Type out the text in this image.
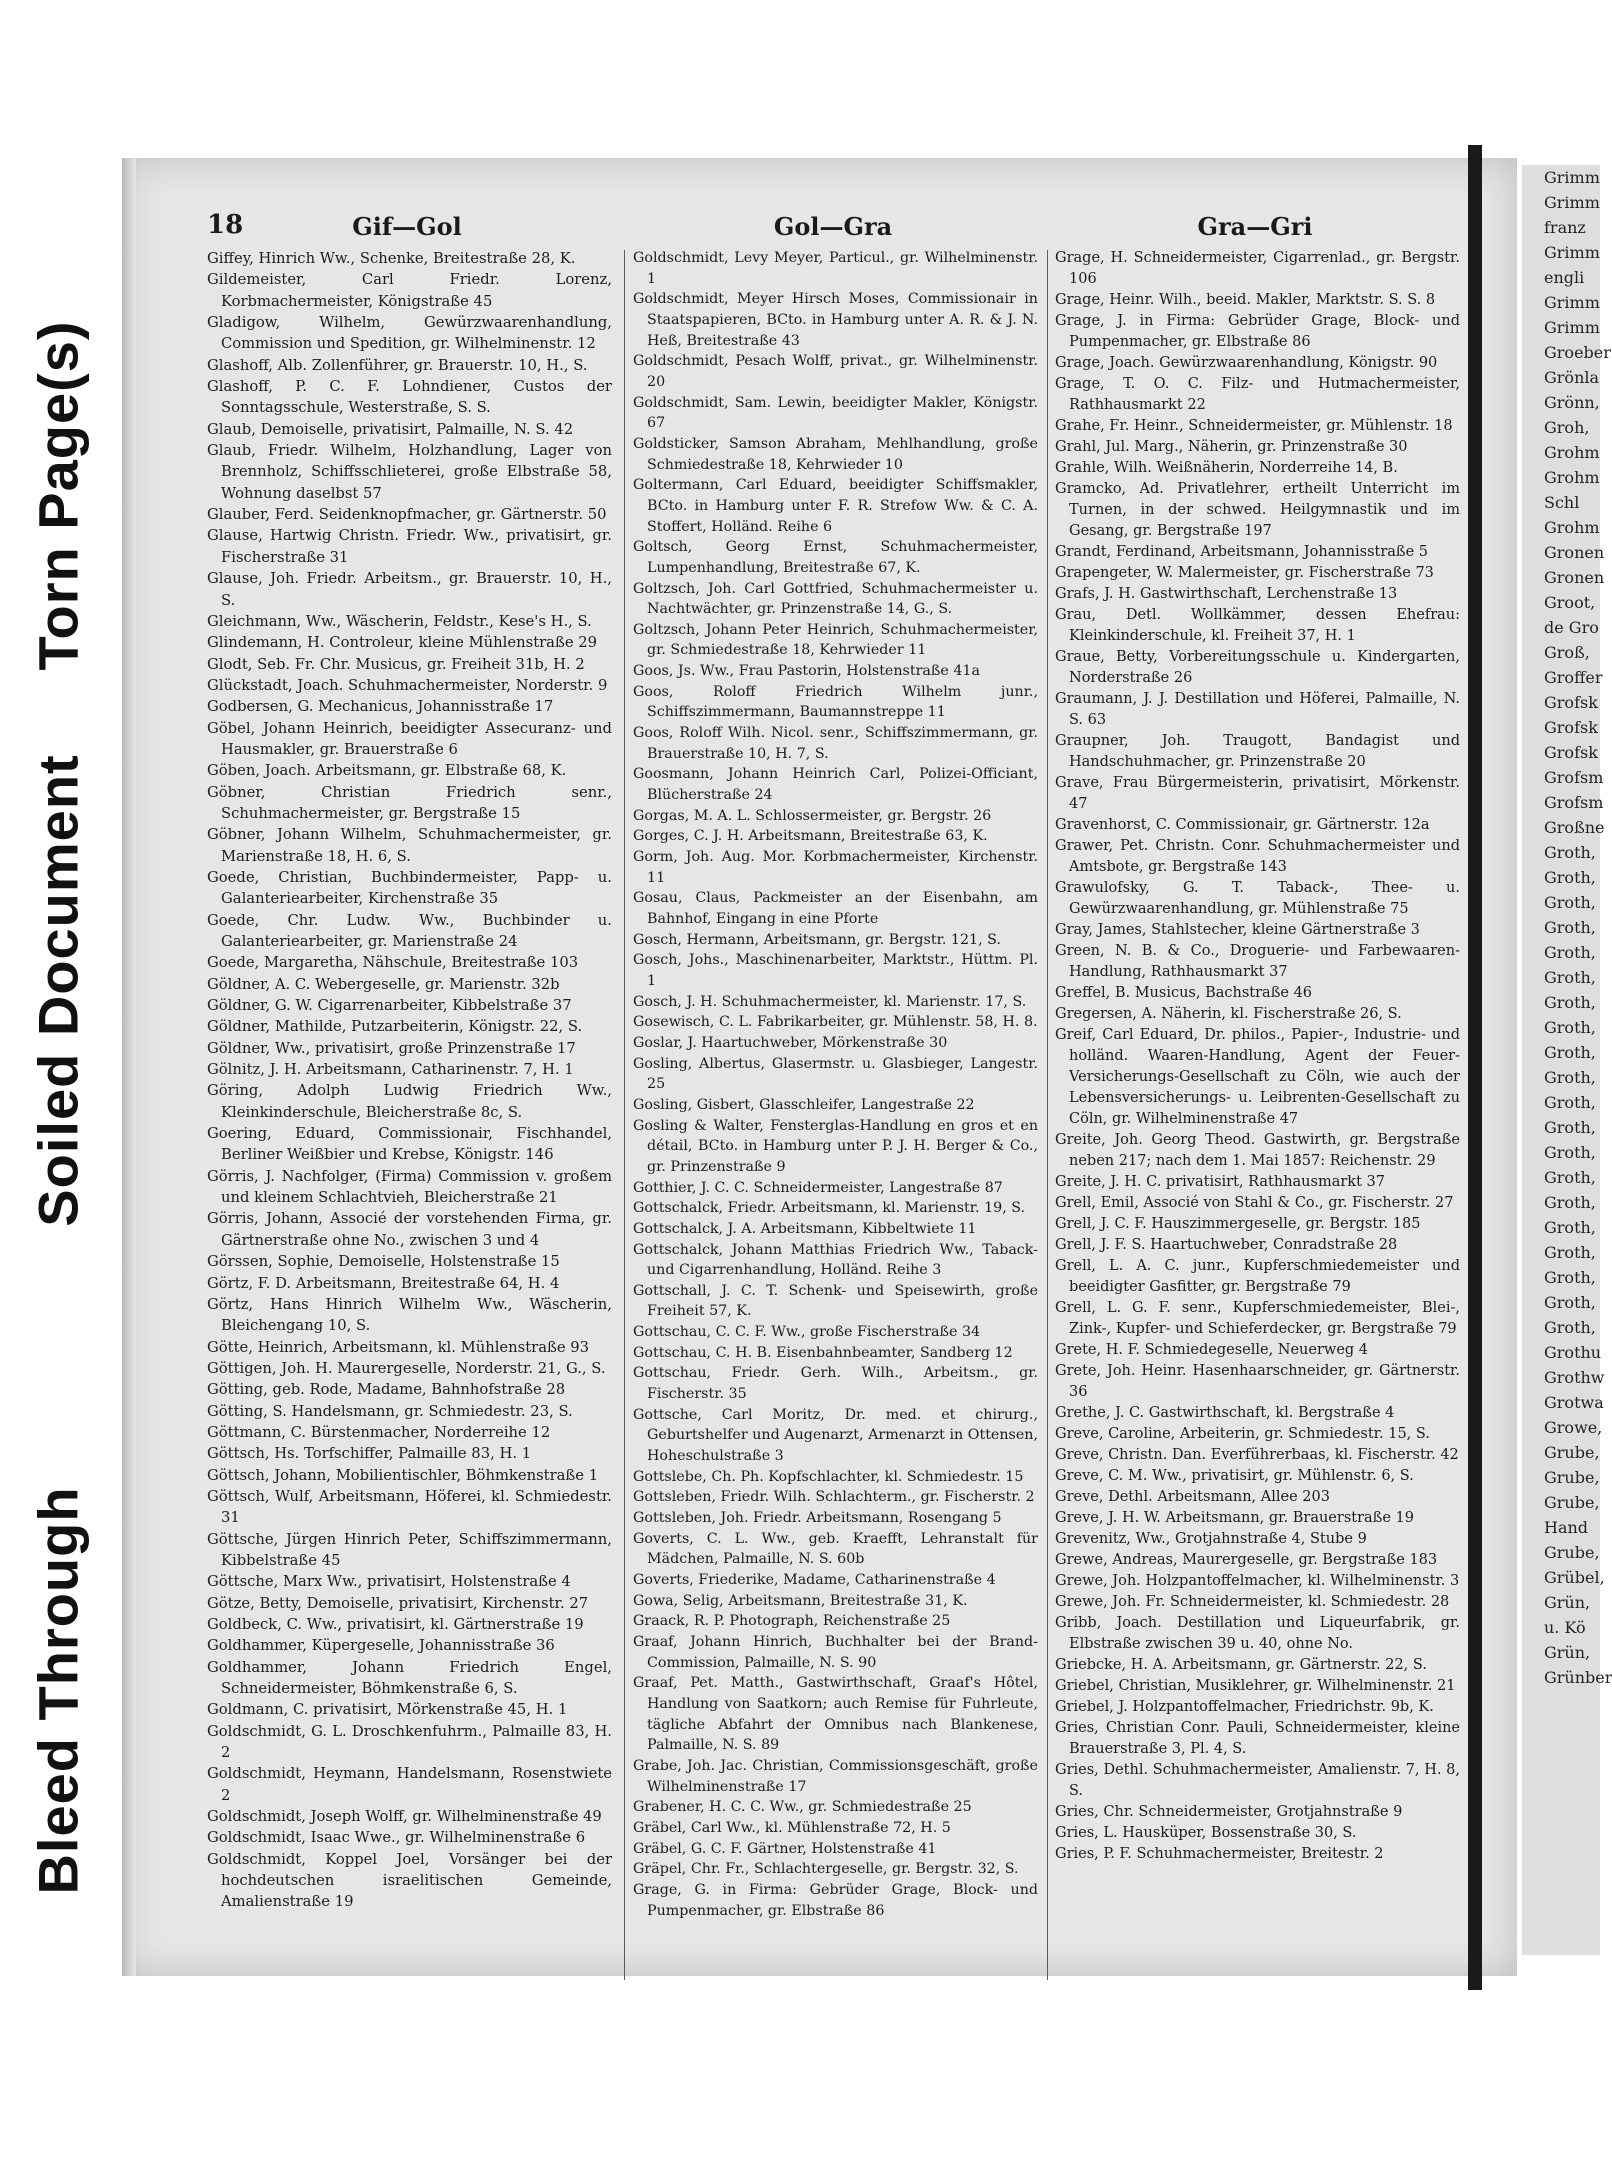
Torn Page(s)
Soiled Document
Bleed Through
Grimm
Grimm
franz
Grimm
engli
Grimm
Grimm
Groeber
Grönla
Grönn,
Groh,
Grohm
Grohm
Schl
Grohm
Gronen
Gronen
Groot,
de Gro
Groß,
Groffer
Grofsk
Grofsk
Grofsk
Grofsm
Grofsm
Großne
Groth,
Groth,
Groth,
Groth,
Groth,
Groth,
Groth,
Groth,
Groth,
Groth,
Groth,
Groth,
Groth,
Groth,
Groth,
Groth,
Groth,
Groth,
Groth,
Groth,
Grothu
Grothw
Grotwa
Growe,
Grube,
Grube,
Grube,
Hand
Grube,
Grübel,
Grün,
u. Kö
Grün,
Grünber
18	Gif—Gol	Gol—Gra	Gra—Gri

Giffey, Hinrich Ww., Schenke, Breitestraße 28, K.

Gildemeister, Carl Friedr. Lorenz, Korbmachermeister, Königstraße 45

Gladigow, Wilhelm, Gewürzwaarenhandlung, Commission und Spedition, gr. Wilhelminenstr. 12

Glashoff, Alb. Zollenführer, gr. Brauerstr. 10, H., S.

Glashoff, P. C. F. Lohndiener, Custos der Sonntagsschule, Westerstraße, S. S.

Glaub, Demoiselle, privatisirt, Palmaille, N. S. 42

Glaub, Friedr. Wilhelm, Holzhandlung, Lager von Brennholz, Schiffsschlieterei, große Elbstraße 58, Wohnung daselbst 57

Glauber, Ferd. Seidenknopfmacher, gr. Gärtnerstr. 50

Glause, Hartwig Christn. Friedr. Ww., privatisirt, gr. Fischerstraße 31

Glause, Joh. Friedr. Arbeitsm., gr. Brauerstr. 10, H., S.

Gleichmann, Ww., Wäscherin, Feldstr., Kese's H., S.

Glindemann, H. Controleur, kleine Mühlenstraße 29

Glodt, Seb. Fr. Chr. Musicus, gr. Freiheit 31b, H. 2

Glückstadt, Joach. Schuhmachermeister, Norderstr. 9

Godbersen, G. Mechanicus, Johannisstraße 17

Göbel, Johann Heinrich, beeidigter Assecuranz- und Hausmakler, gr. Brauerstraße 6

Göben, Joach. Arbeitsmann, gr. Elbstraße 68, K.

Göbner, Christian Friedrich senr., Schuhmachermeister, gr. Bergstraße 15

Göbner, Johann Wilhelm, Schuhmachermeister, gr. Marienstraße 18, H. 6, S.

Goede, Christian, Buchbindermeister, Papp- u. Galanteriearbeiter, Kirchenstraße 35

Goede, Chr. Ludw. Ww., Buchbinder u. Galanteriearbeiter, gr. Marienstraße 24

Goede, Margaretha, Nähschule, Breitestraße 103

Göldner, A. C. Webergeselle, gr. Marienstr. 32b

Göldner, G. W. Cigarrenarbeiter, Kibbelstraße 37

Göldner, Mathilde, Putzarbeiterin, Königstr. 22, S.

Göldner, Ww., privatisirt, große Prinzenstraße 17

Gölnitz, J. H. Arbeitsmann, Catharinenstr. 7, H. 1

Göring, Adolph Ludwig Friedrich Ww., Kleinkinderschule, Bleicherstraße 8c, S.

Goering, Eduard, Commissionair, Fischhandel, Berliner Weißbier und Krebse, Königstr. 146

Görris, J. Nachfolger, (Firma) Commission v. großem und kleinem Schlachtvieh, Bleicherstraße 21

Görris, Johann, Associé der vorstehenden Firma, gr. Gärtnerstraße ohne No., zwischen 3 und 4

Görssen, Sophie, Demoiselle, Holstenstraße 15

Görtz, F. D. Arbeitsmann, Breitestraße 64, H. 4

Görtz, Hans Hinrich Wilhelm Ww., Wäscherin, Bleichengang 10, S.

Götte, Heinrich, Arbeitsmann, kl. Mühlenstraße 93

Göttigen, Joh. H. Maurergeselle, Norderstr. 21, G., S.

Götting, geb. Rode, Madame, Bahnhofstraße 28

Götting, S. Handelsmann, gr. Schmiedestr. 23, S.

Göttmann, C. Bürstenmacher, Norderreihe 12

Göttsch, Hs. Torfschiffer, Palmaille 83, H. 1

Göttsch, Johann, Mobilientischler, Böhmkenstraße 1

Göttsch, Wulf, Arbeitsmann, Höferei, kl. Schmiedestr. 31

Göttsche, Jürgen Hinrich Peter, Schiffszimmermann, Kibbelstraße 45

Göttsche, Marx Ww., privatisirt, Holstenstraße 4

Götze, Betty, Demoiselle, privatisirt, Kirchenstr. 27

Goldbeck, C. Ww., privatisirt, kl. Gärtnerstraße 19

Goldhammer, Küpergeselle, Johannisstraße 36

Goldhammer, Johann Friedrich Engel, Schneidermeister, Böhmkenstraße 6, S.

Goldmann, C. privatisirt, Mörkenstraße 45, H. 1

Goldschmidt, G. L. Droschkenfuhrm., Palmaille 83, H. 2

Goldschmidt, Heymann, Handelsmann, Rosenstwiete 2

Goldschmidt, Joseph Wolff, gr. Wilhelminenstraße 49

Goldschmidt, Isaac Wwe., gr. Wilhelminenstraße 6

Goldschmidt, Koppel Joel, Vorsänger bei der hochdeutschen israelitischen Gemeinde, Amalienstraße 19

Goldschmidt, Levy Meyer, Particul., gr. Wilhelminenstr. 1

Goldschmidt, Meyer Hirsch Moses, Commissionair in Staatspapieren, BCto. in Hamburg unter A. R. & J. N. Heß, Breitestraße 43

Goldschmidt, Pesach Wolff, privat., gr. Wilhelminenstr. 20

Goldschmidt, Sam. Lewin, beeidigter Makler, Königstr. 67

Goldsticker, Samson Abraham, Mehlhandlung, große Schmiedestraße 18, Kehrwieder 10

Goltermann, Carl Eduard, beeidigter Schiffsmakler, BCto. in Hamburg unter F. R. Strefow Ww. & C. A. Stoffert, Holländ. Reihe 6

Goltsch, Georg Ernst, Schuhmachermeister, Lumpenhandlung, Breitestraße 67, K.

Goltzsch, Joh. Carl Gottfried, Schuhmachermeister u. Nachtwächter, gr. Prinzenstraße 14, G., S.

Goltzsch, Johann Peter Heinrich, Schuhmachermeister, gr. Schmiedestraße 18, Kehrwieder 11

Goos, Js. Ww., Frau Pastorin, Holstenstraße 41a

Goos, Roloff Friedrich Wilhelm junr., Schiffszimmermann, Baumannstreppe 11

Goos, Roloff Wilh. Nicol. senr., Schiffszimmermann, gr. Brauerstraße 10, H. 7, S.

Goosmann, Johann Heinrich Carl, Polizei-Officiant, Blücherstraße 24

Gorgas, M. A. L. Schlossermeister, gr. Bergstr. 26

Gorges, C. J. H. Arbeitsmann, Breitestraße 63, K.

Gorm, Joh. Aug. Mor. Korbmachermeister, Kirchenstr. 11

Gosau, Claus, Packmeister an der Eisenbahn, am Bahnhof, Eingang in eine Pforte

Gosch, Hermann, Arbeitsmann, gr. Bergstr. 121, S.

Gosch, Johs., Maschinenarbeiter, Marktstr., Hüttm. Pl. 1

Gosch, J. H. Schuhmachermeister, kl. Marienstr. 17, S.

Gosewisch, C. L. Fabrikarbeiter, gr. Mühlenstr. 58, H. 8.

Goslar, J. Haartuchweber, Mörkenstraße 30

Gosling, Albertus, Glasermstr. u. Glasbieger, Langestr. 25

Gosling, Gisbert, Glasschleifer, Langestraße 22

Gosling & Walter, Fensterglas-Handlung en gros et en détail, BCto. in Hamburg unter P. J. H. Berger & Co., gr. Prinzenstraße 9

Gotthier, J. C. C. Schneidermeister, Langestraße 87

Gottschalck, Friedr. Arbeitsmann, kl. Marienstr. 19, S.

Gottschalck, J. A. Arbeitsmann, Kibbeltwiete 11

Gottschalck, Johann Matthias Friedrich Ww., Taback- und Cigarrenhandlung, Holländ. Reihe 3

Gottschall, J. C. T. Schenk- und Speisewirth, große Freiheit 57, K.

Gottschau, C. C. F. Ww., große Fischerstraße 34

Gottschau, C. H. B. Eisenbahnbeamter, Sandberg 12

Gottschau, Friedr. Gerh. Wilh., Arbeitsm., gr. Fischerstr. 35

Gottsche, Carl Moritz, Dr. med. et chirurg., Geburtshelfer und Augenarzt, Armenarzt in Ottensen, Hoheschulstraße 3

Gottslebe, Ch. Ph. Kopfschlachter, kl. Schmiedestr. 15

Gottsleben, Friedr. Wilh. Schlachterm., gr. Fischerstr. 2

Gottsleben, Joh. Friedr. Arbeitsmann, Rosengang 5

Goverts, C. L. Ww., geb. Kraefft, Lehranstalt für Mädchen, Palmaille, N. S. 60b

Goverts, Friederike, Madame, Catharinenstraße 4

Gowa, Selig, Arbeitsmann, Breitestraße 31, K.

Graack, R. P. Photograph, Reichenstraße 25

Graaf, Johann Hinrich, Buchhalter bei der Brand-Commission, Palmaille, N. S. 90

Graaf, Pet. Matth., Gastwirthschaft, Graaf's Hôtel, Handlung von Saatkorn; auch Remise für Fuhrleute, tägliche Abfahrt der Omnibus nach Blankenese, Palmaille, N. S. 89

Grabe, Joh. Jac. Christian, Commissionsgeschäft, große Wilhelminenstraße 17

Grabener, H. C. C. Ww., gr. Schmiedestraße 25

Gräbel, Carl Ww., kl. Mühlenstraße 72, H. 5

Gräbel, G. C. F. Gärtner, Holstenstraße 41

Gräpel, Chr. Fr., Schlachtergeselle, gr. Bergstr. 32, S.

Grage, G. in Firma: Gebrüder Grage, Block- und Pumpenmacher, gr. Elbstraße 86

Grage, H. Schneidermeister, Cigarrenlad., gr. Bergstr. 106

Grage, Heinr. Wilh., beeid. Makler, Marktstr. S. S. 8

Grage, J. in Firma: Gebrüder Grage, Block- und Pumpenmacher, gr. Elbstraße 86

Grage, Joach. Gewürzwaarenhandlung, Königstr. 90

Grage, T. O. C. Filz- und Hutmachermeister, Rathhausmarkt 22

Grahe, Fr. Heinr., Schneidermeister, gr. Mühlenstr. 18

Grahl, Jul. Marg., Näherin, gr. Prinzenstraße 30

Grahle, Wilh. Weißnäherin, Norderreihe 14, B.

Gramcko, Ad. Privatlehrer, ertheilt Unterricht im Turnen, in der schwed. Heilgymnastik und im Gesang, gr. Bergstraße 197

Grandt, Ferdinand, Arbeitsmann, Johannisstraße 5

Grapengeter, W. Malermeister, gr. Fischerstraße 73

Grafs, J. H. Gastwirthschaft, Lerchenstraße 13

Grau, Detl. Wollkämmer, dessen Ehefrau: Kleinkinderschule, kl. Freiheit 37, H. 1

Graue, Betty, Vorbereitungsschule u. Kindergarten, Norderstraße 26

Graumann, J. J. Destillation und Höferei, Palmaille, N. S. 63

Graupner, Joh. Traugott, Bandagist und Handschuhmacher, gr. Prinzenstraße 20

Grave, Frau Bürgermeisterin, privatisirt, Mörkenstr. 47

Gravenhorst, C. Commissionair, gr. Gärtnerstr. 12a

Grawer, Pet. Christn. Conr. Schuhmachermeister und Amtsbote, gr. Bergstraße 143

Grawulofsky, G. T. Taback-, Thee- u. Gewürzwaarenhandlung, gr. Mühlenstraße 75

Gray, James, Stahlstecher, kleine Gärtnerstraße 3

Green, N. B. & Co., Droguerie- und Farbewaaren-Handlung, Rathhausmarkt 37

Greffel, B. Musicus, Bachstraße 46

Gregersen, A. Näherin, kl. Fischerstraße 26, S.

Greif, Carl Eduard, Dr. philos., Papier-, Industrie- und holländ. Waaren-Handlung, Agent der Feuer-Versicherungs-Gesellschaft zu Cöln, wie auch der Lebensversicherungs- u. Leibrenten-Gesellschaft zu Cöln, gr. Wilhelminenstraße 47

Greite, Joh. Georg Theod. Gastwirth, gr. Bergstraße neben 217; nach dem 1. Mai 1857: Reichenstr. 29

Greite, J. H. C. privatisirt, Rathhausmarkt 37

Grell, Emil, Associé von Stahl & Co., gr. Fischerstr. 27

Grell, J. C. F. Hauszimmergeselle, gr. Bergstr. 185

Grell, J. F. S. Haartuchweber, Conradstraße 28

Grell, L. A. C. junr., Kupferschmiedemeister und beeidigter Gasfitter, gr. Bergstraße 79

Grell, L. G. F. senr., Kupferschmiedemeister, Blei-, Zink-, Kupfer- und Schieferdecker, gr. Bergstraße 79

Grete, H. F. Schmiedegeselle, Neuerweg 4

Grete, Joh. Heinr. Hasenhaarschneider, gr. Gärtnerstr. 36

Grethe, J. C. Gastwirthschaft, kl. Bergstraße 4

Greve, Caroline, Arbeiterin, gr. Schmiedestr. 15, S.

Greve, Christn. Dan. Everführerbaas, kl. Fischerstr. 42

Greve, C. M. Ww., privatisirt, gr. Mühlenstr. 6, S.

Greve, Dethl. Arbeitsmann, Allee 203

Greve, J. H. W. Arbeitsmann, gr. Brauerstraße 19

Grevenitz, Ww., Grotjahnstraße 4, Stube 9

Grewe, Andreas, Maurergeselle, gr. Bergstraße 183

Grewe, Joh. Holzpantoffelmacher, kl. Wilhelminenstr. 3

Grewe, Joh. Fr. Schneidermeister, kl. Schmiedestr. 28

Gribb, Joach. Destillation und Liqueurfabrik, gr. Elbstraße zwischen 39 u. 40, ohne No.

Griebcke, H. A. Arbeitsmann, gr. Gärtnerstr. 22, S.

Griebel, Christian, Musiklehrer, gr. Wilhelminenstr. 21

Griebel, J. Holzpantoffelmacher, Friedrichstr. 9b, K.

Gries, Christian Conr. Pauli, Schneidermeister, kleine Brauerstraße 3, Pl. 4, S.

Gries, Dethl. Schuhmachermeister, Amalienstr. 7, H. 8, S.

Gries, Chr. Schneidermeister, Grotjahnstraße 9

Gries, L. Hausküper, Bossenstraße 30, S.

Gries, P. F. Schuhmachermeister, Breitestr. 2
